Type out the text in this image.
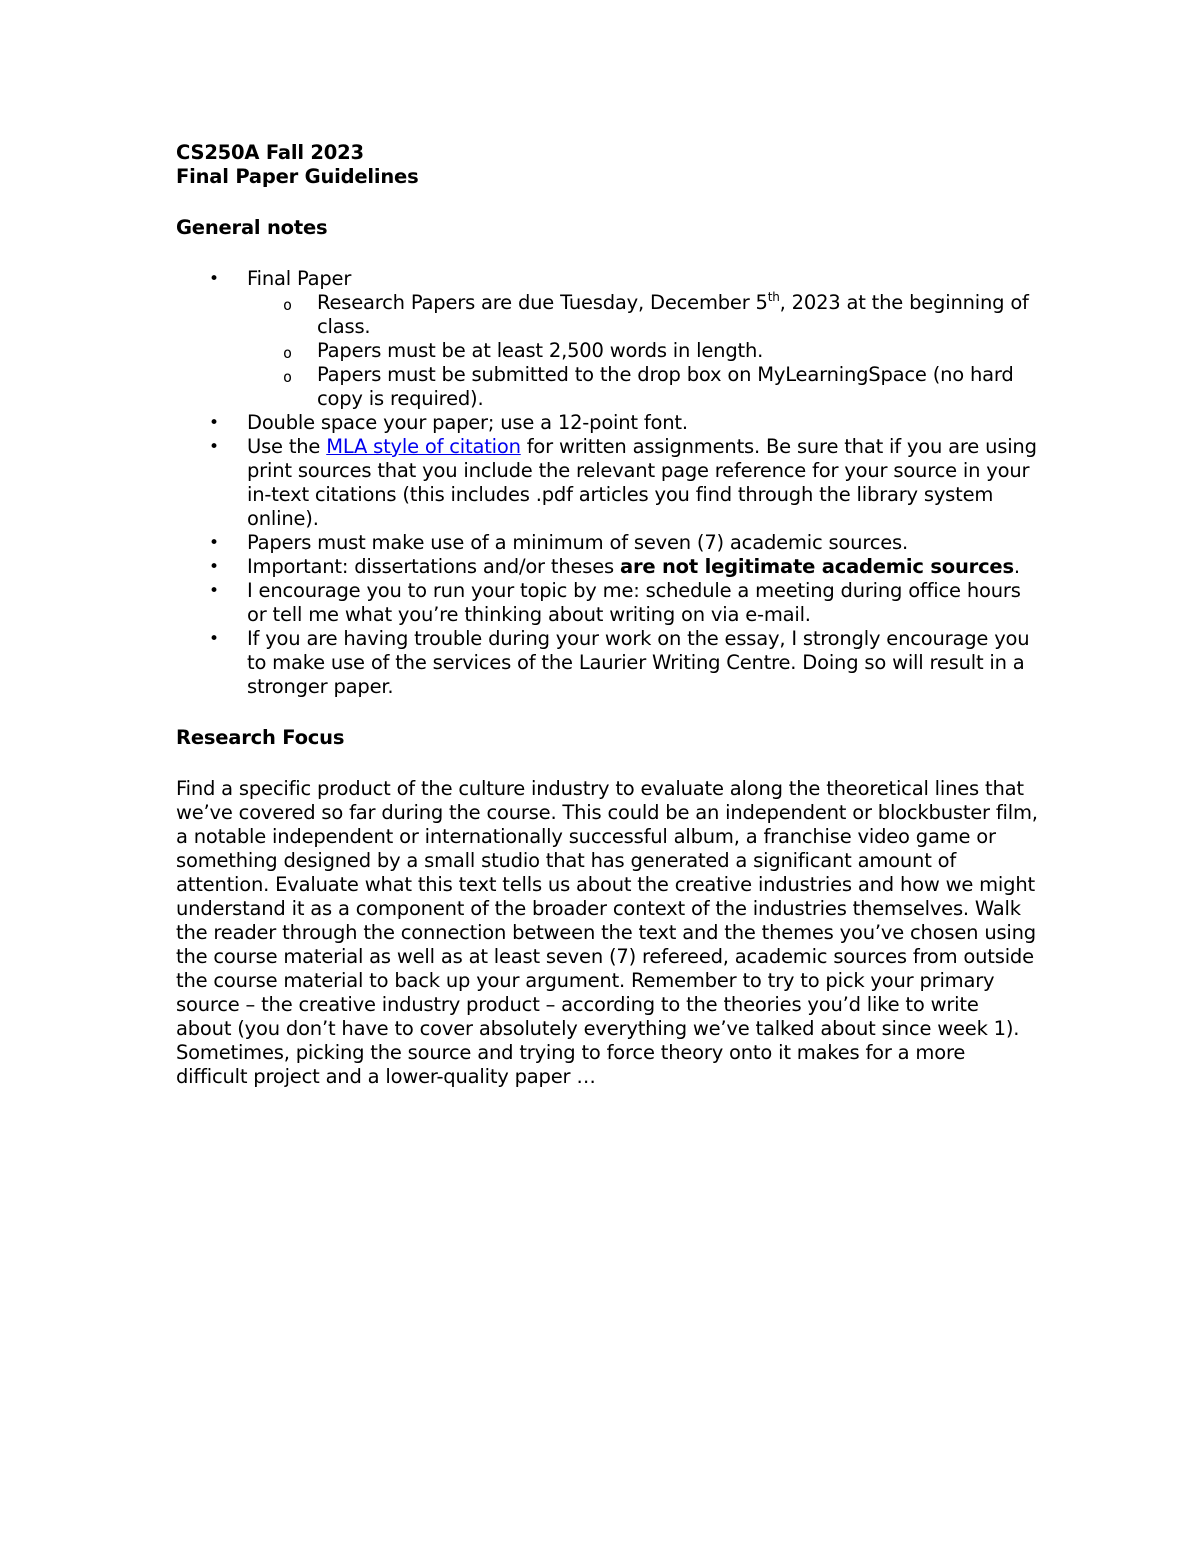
CS250A Fall 2023

Final Paper Guidelines

General notes

• Final Paper
o Research Papers are due Tuesday, December 5th, 2023 at the beginning of class.
o Papers must be at least 2,500 words in length.
o Papers must be submitted to the drop box on MyLearningSpace (no hard copy is required).
• Double space your paper; use a 12-point font.
• Use the MLA style of citation for written assignments. Be sure that if you are using print sources that you include the relevant page reference for your source in your in-text citations (this includes .pdf articles you find through the library system online).
• Papers must make use of a minimum of seven (7) academic sources.
• Important: dissertations and/or theses are not legitimate academic sources.
• I encourage you to run your topic by me: schedule a meeting during office hours or tell me what you’re thinking about writing on via e-mail.
• If you are having trouble during your work on the essay, I strongly encourage you to make use of the services of the Laurier Writing Centre. Doing so will result in a stronger paper.

Research Focus

Find a specific product of the culture industry to evaluate along the theoretical lines that we’ve covered so far during the course. This could be an independent or blockbuster film, a notable independent or internationally successful album, a franchise video game or something designed by a small studio that has generated a significant amount of attention. Evaluate what this text tells us about the creative industries and how we might understand it as a component of the broader context of the industries themselves. Walk the reader through the connection between the text and the themes you’ve chosen using the course material as well as at least seven (7) refereed, academic sources from outside the course material to back up your argument. Remember to try to pick your primary source – the creative industry product – according to the theories you’d like to write about (you don’t have to cover absolutely everything we’ve talked about since week 1). Sometimes, picking the source and trying to force theory onto it makes for a more difficult project and a lower-quality paper …
